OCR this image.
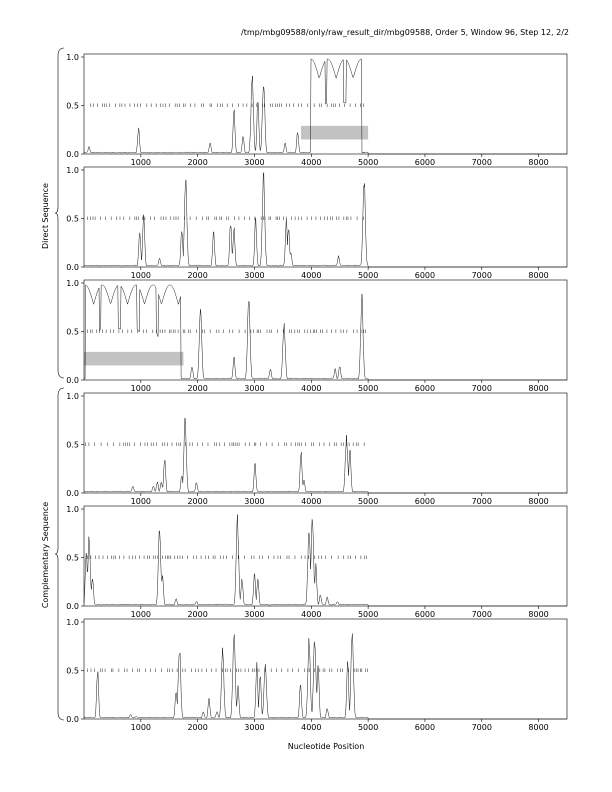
/tmp/mbg09588/only/raw_result_dir/mbg09588, Order 5, Window 96, Step 12, 2/2
0.0
0.5
1.0
1000	2000	3000	4000	5000	6000	7000	8000
0.0
0.5
1.0
1000	2000	3000	4000	5000	6000	7000	8000
0.0
0.5
1.0
1000	2000	3000	4000	5000	6000	7000	8000
0.0
0.5
1.0
1000	2000	3000	4000	5000	6000	7000	8000
0.0
0.5
1.0
1000	2000	3000	4000	5000	6000	7000	8000
0.0
0.5
1.0
1000	2000	3000	4000	5000	6000	7000	8000
Direct Sequence
Complementary Sequence
Nucleotide Position
